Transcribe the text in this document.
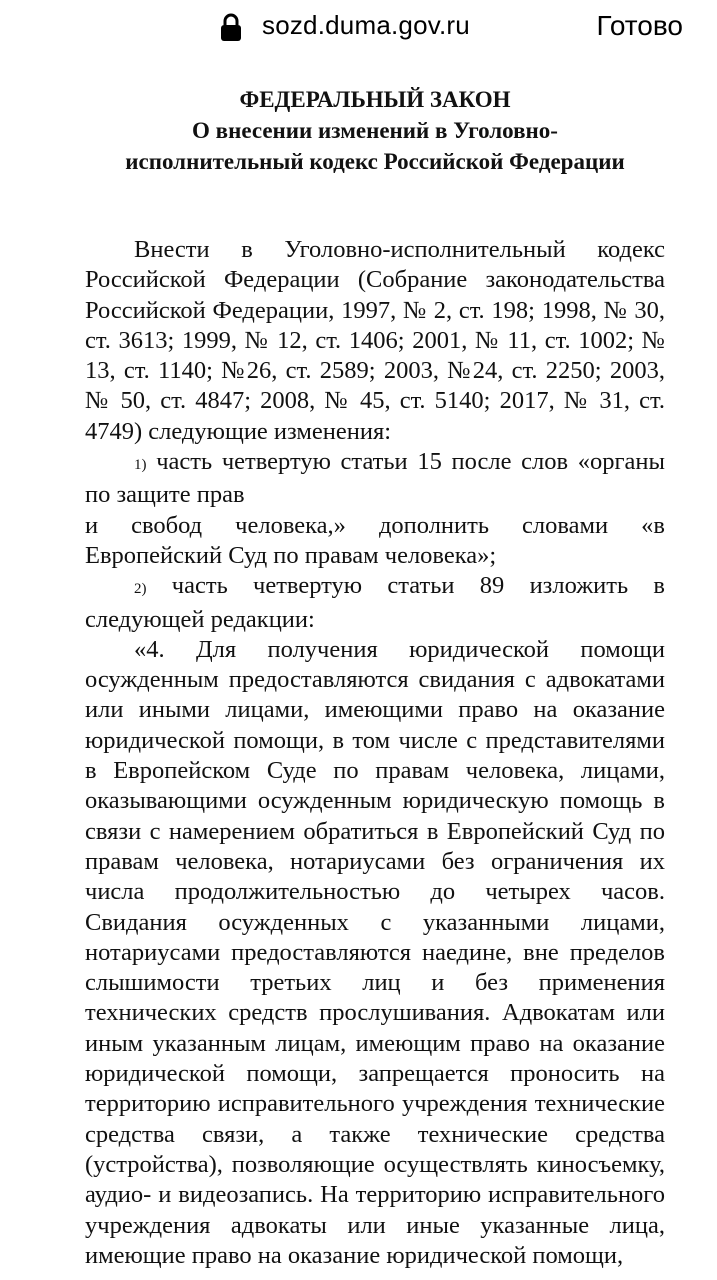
sozd.duma.gov.ru	Готово
ФЕДЕРАЛЬНЫЙ ЗАКОН
О внесении изменений в Уголовно-
исполнительный кодекс Российской Федерации

Внести в Уголовно-исполнительный кодекс Российской Федерации (Собрание законодательства Российской Федерации, 1997, № 2, ст. 198; 1998, № 30, ст. 3613; 1999, № 12, ст. 1406; 2001, № 11, ст. 1002; № 13, ст. 1140; №26, ст. 2589; 2003, №24, ст. 2250; 2003, № 50, ст. 4847; 2008, № 45, ст. 5140; 2017, № 31, ст. 4749) следующие изменения:

1) часть четвертую статьи 15 после слов «органы по защите прав

и свобод человека,» дополнить словами «в Европейский Суд по правам человека»;

2) часть четвертую статьи 89 изложить в следующей редакции:

«4. Для получения юридической помощи осужденным предоставляются свидания с адвокатами или иными лицами, имеющими право на оказание юридической помощи, в том числе с представителями в Европейском Суде по правам человека, лицами, оказывающими осужденным юридическую помощь в связи с намерением обратиться в Европейский Суд по правам человека, нотариусами без ограничения их числа продолжительностью до четырех часов. Свидания осужденных с указанными лицами, нотариусами предоставляются наедине, вне пределов слышимости третьих лиц и без применения технических средств прослушивания. Адвокатам или иным указанным лицам, имеющим право на оказание юридической помощи, запрещается проносить на территорию исправительного учреждения технические средства связи, а также технические средства (устройства), позволяющие осуществлять киносъемку, аудио- и видеозапись. На территорию исправительного учреждения адвокаты или иные указанные лица, имеющие право на оказание юридической помощи,
